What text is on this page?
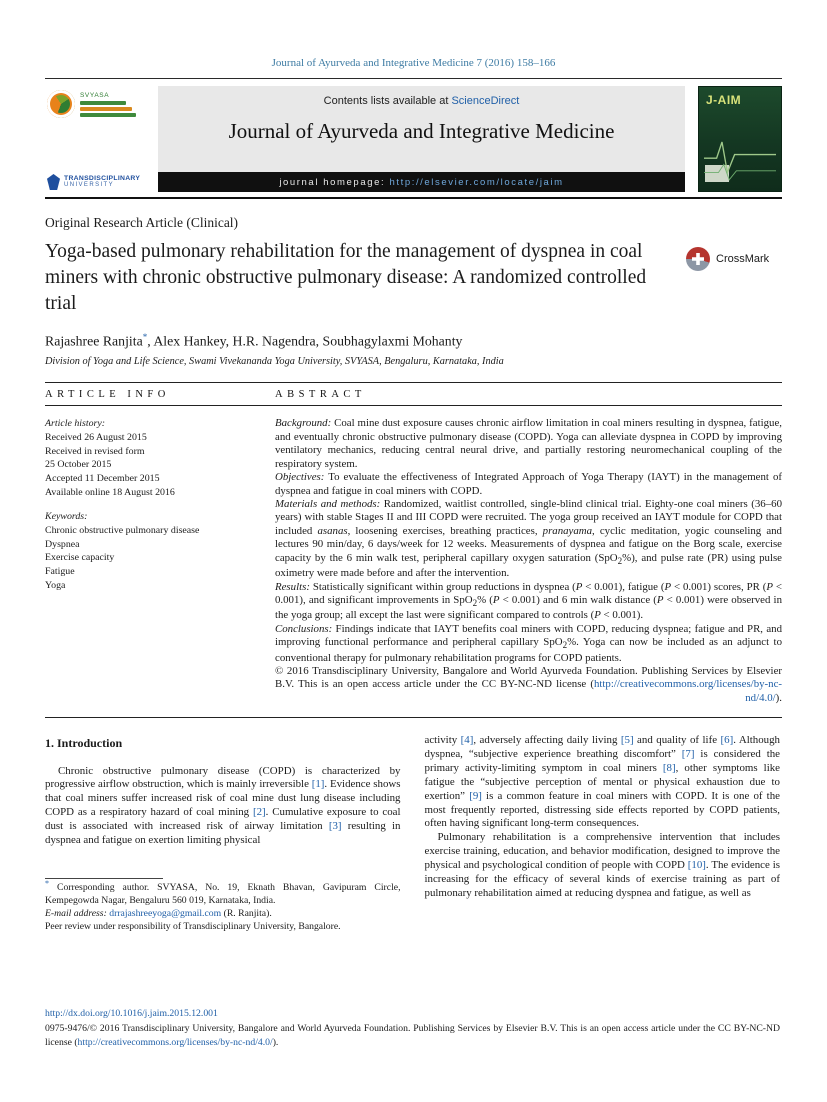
Journal of Ayurveda and Integrative Medicine 7 (2016) 158–166
SVYASA
TRANSDISCIPLINARY
UNIVERSITY
Contents lists available at ScienceDirect
Journal of Ayurveda and Integrative Medicine
journal homepage: http://elsevier.com/locate/jaim
J-AIM
Original Research Article (Clinical)
Yoga-based pulmonary rehabilitation for the management of dyspnea in coal miners with chronic obstructive pulmonary disease: A randomized controlled trial
CrossMark
Rajashree Ranjita*, Alex Hankey, H.R. Nagendra, Soubhagylaxmi Mohanty
Division of Yoga and Life Science, Swami Vivekananda Yoga University, SVYASA, Bengaluru, Karnataka, India
ARTICLE INFO	ABSTRACT
Article history:
Received 26 August 2015
Received in revised form
25 October 2015
Accepted 11 December 2015
Available online 18 August 2016
Keywords:
Chronic obstructive pulmonary disease
Dyspnea
Exercise capacity
Fatigue
Yoga

Background: Coal mine dust exposure causes chronic airflow limitation in coal miners resulting in dyspnea, fatigue, and eventually chronic obstructive pulmonary disease (COPD). Yoga can alleviate dyspnea in COPD by improving ventilatory mechanics, reducing central neural drive, and partially restoring neuromechanical coupling of the respiratory system.

Objectives: To evaluate the effectiveness of Integrated Approach of Yoga Therapy (IAYT) in the management of dyspnea and fatigue in coal miners with COPD.

Materials and methods: Randomized, waitlist controlled, single-blind clinical trial. Eighty-one coal miners (36–60 years) with stable Stages II and III COPD were recruited. The yoga group received an IAYT module for COPD that included asanas, loosening exercises, breathing practices, pranayama, cyclic meditation, yogic counseling and lectures 90 min/day, 6 days/week for 12 weeks. Measurements of dyspnea and fatigue on the Borg scale, exercise capacity by the 6 min walk test, peripheral capillary oxygen saturation (SpO$_2$%), and pulse rate (PR) using pulse oximetry were made before and after the intervention.

Results: Statistically significant within group reductions in dyspnea (P < 0.001), fatigue (P < 0.001) scores, PR (P < 0.001), and significant improvements in SpO$_2$% (P < 0.001) and 6 min walk distance (P < 0.001) were observed in the yoga group; all except the last were significant compared to controls (P < 0.001).

Conclusions: Findings indicate that IAYT benefits coal miners with COPD, reducing dyspnea; fatigue and PR, and improving functional performance and peripheral capillary SpO$_2$%. Yoga can now be included as an adjunct to conventional therapy for pulmonary rehabilitation programs for COPD patients.

© 2016 Transdisciplinary University, Bangalore and World Ayurveda Foundation. Publishing Services by Elsevier B.V. This is an open access article under the CC BY-NC-ND license (http://creativecommons.org/licenses/by-nc-nd/4.0/).

1. Introduction

Chronic obstructive pulmonary disease (COPD) is characterized by progressive airflow obstruction, which is mainly irreversible [1]. Evidence shows that coal miners suffer increased risk of coal mine dust lung disease including COPD as a respiratory hazard of coal mining [2]. Cumulative exposure to coal dust is associated with increased risk of airway limitation [3] resulting in dyspnea and fatigue on exertion limiting physical

* Corresponding author. SVYASA, No. 19, Eknath Bhavan, Gavipuram Circle, Kempegowda Nagar, Bengaluru 560 019, Karnataka, India.
E-mail address: drrajashreeyoga@gmail.com (R. Ranjita).
Peer review under responsibility of Transdisciplinary University, Bangalore.

activity [4], adversely affecting daily living [5] and quality of life [6]. Although dyspnea, “subjective experience breathing discomfort” [7] is considered the primary activity-limiting symptom in coal miners [8], other symptoms like fatigue the “subjective perception of mental or physical exhaustion due to exertion” [9] is a common feature in coal miners with COPD. It is one of the most frequently reported, distressing side effects reported by COPD patients, often having significant long-term consequences.

Pulmonary rehabilitation is a comprehensive intervention that includes exercise training, education, and behavior modification, designed to improve the physical and psychological condition of people with COPD [10]. The evidence is increasing for the efficacy of several kinds of exercise training as part of pulmonary rehabilitation aimed at reducing dyspnea and fatigue, as well as

http://dx.doi.org/10.1016/j.jaim.2015.12.001
0975-9476/© 2016 Transdisciplinary University, Bangalore and World Ayurveda Foundation. Publishing Services by Elsevier B.V. This is an open access article under the CC BY-NC-ND license (http://creativecommons.org/licenses/by-nc-nd/4.0/).
